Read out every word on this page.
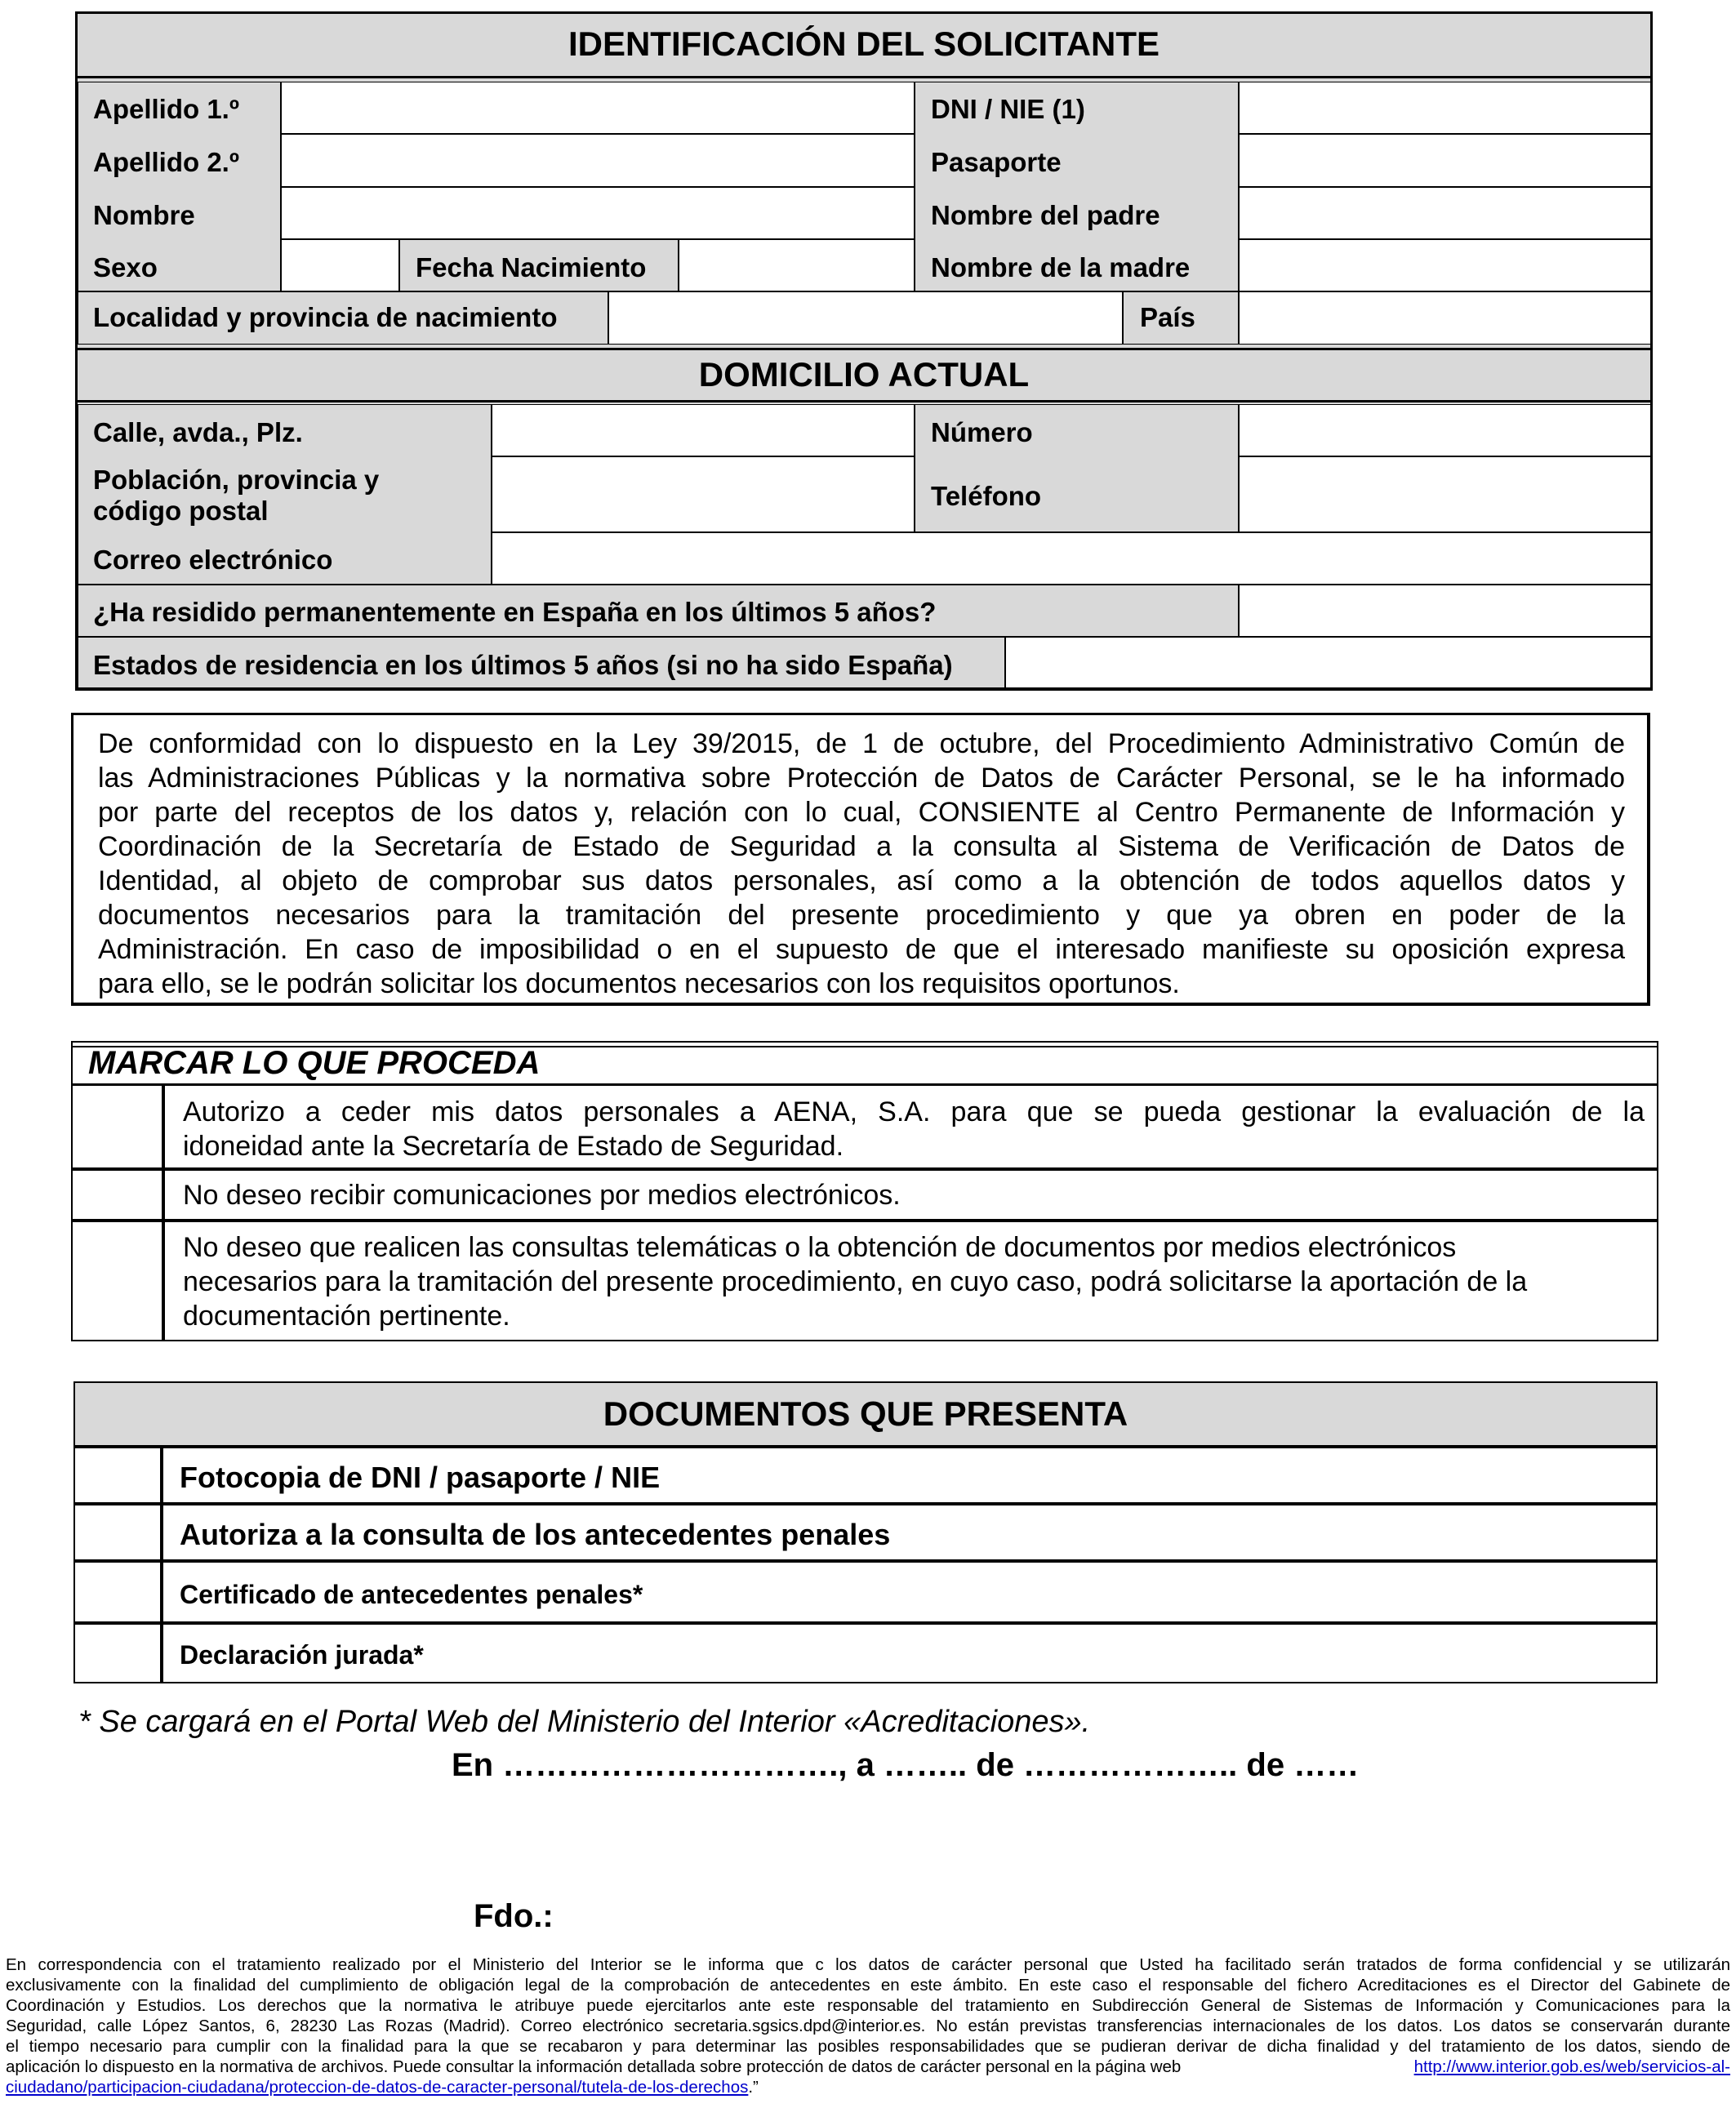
IDENTIFICACIÓN DEL SOLICITANTE
Apellido 1.º
Apellido 2.º
Nombre
Sexo	Fecha Nacimiento
Localidad y provincia de nacimiento
DNI / NIE (1)
Pasaporte
Nombre del padre
Nombre de la madre
País
DOMICILIO ACTUAL
Calle, avda., Plz.
Población, provincia y
código postal
Correo electrónico
Número
Teléfono
¿Ha residido permanentemente en España en los últimos 5 años?
Estados de residencia en los últimos 5 años (si no ha sido España)

De conformidad con lo dispuesto en la Ley 39/2015, de 1 de octubre, del Procedimiento Administrativo Común de

las Administraciones Públicas y la normativa sobre Protección de Datos de Carácter Personal, se le ha informado

por parte del receptos de los datos y, relación con lo cual, CONSIENTE al Centro Permanente de Información y

Coordinación de la Secretaría de Estado de Seguridad a la consulta al Sistema de Verificación de Datos de

Identidad, al objeto de comprobar sus datos personales, así como a la obtención de todos aquellos datos y

documentos necesarios para la tramitación del presente procedimiento y que ya obren en poder de la

Administración. En caso de imposibilidad o en el supuesto de que el interesado manifieste su oposición expresa

para ello, se le podrán solicitar los documentos necesarios con los requisitos oportunos.

MARCAR LO QUE PROCEDA

Autorizo a ceder mis datos personales a AENA, S.A. para que se pueda gestionar la evaluación de la

idoneidad ante la Secretaría de Estado de Seguridad.

No deseo recibir comunicaciones por medios electrónicos.

No deseo que realicen las consultas telemáticas o la obtención de documentos por medios electrónicos

necesarios para la tramitación del presente procedimiento, en cuyo caso, podrá solicitarse la aportación de la

documentación pertinente.

DOCUMENTOS QUE PRESENTA
Fotocopia de DNI / pasaporte / NIE
Autoriza a la consulta de los antecedentes penales
Certificado de antecedentes penales*
Declaración jurada*
* Se cargará en el Portal Web del Ministerio del Interior «Acreditaciones».
En …………………………., a …….. de ……………….. de ……
Fdo.:
En correspondencia con el tratamiento realizado por el Ministerio del Interior se le informa que c los datos de carácter personal que Usted ha facilitado serán tratados de forma confidencial y se utilizarán
exclusivamente con la finalidad del cumplimiento de obligación legal de la comprobación de antecedentes en este ámbito. En este caso el responsable del fichero Acreditaciones es el Director del Gabinete de
Coordinación y Estudios. Los derechos que la normativa le atribuye puede ejercitarlos ante este responsable del tratamiento en Subdirección General de Sistemas de Información y Comunicaciones para la
Seguridad, calle López Santos, 6, 28230 Las Rozas (Madrid). Correo electrónico secretaria.sgsics.dpd@interior.es. No están previstas transferencias internacionales de los datos. Los datos se conservarán durante
el tiempo necesario para cumplir con la finalidad para la que se recabaron y para determinar las posibles responsabilidades que se pudieran derivar de dicha finalidad y del tratamiento de los datos, siendo de
aplicación lo dispuesto en la normativa de archivos. Puede consultar la información detallada sobre protección de datos de carácter personal en la página web	http://www.interior.gob.es/web/servicios-al-
ciudadano/participacion-ciudadana/proteccion-de-datos-de-caracter-personal/tutela-de-los-derechos.”
